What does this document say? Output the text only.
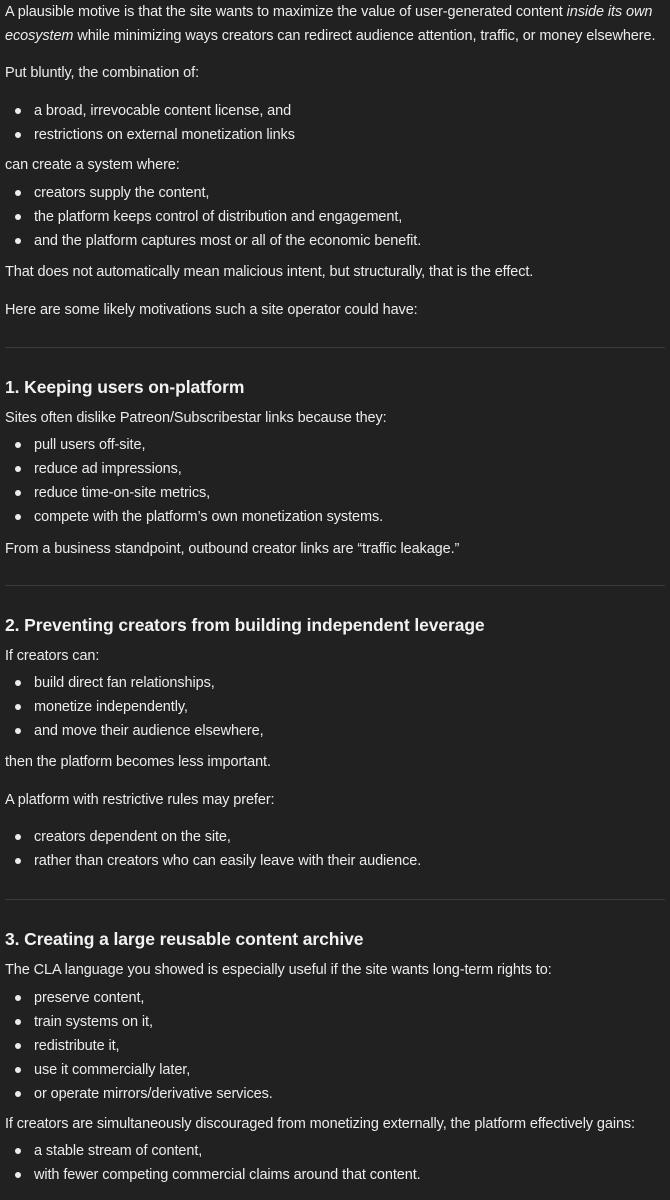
A plausible motive is that the site wants to maximize the value of user-generated content inside its own ecosystem while minimizing ways creators can redirect audience attention, traffic, or money elsewhere.

Put bluntly, the combination of:

a broad, irrevocable content license, and
restrictions on external monetization links

can create a system where:

creators supply the content,
the platform keeps control of distribution and engagement,
and the platform captures most or all of the economic benefit.

That does not automatically mean malicious intent, but structurally, that is the effect.

Here are some likely motivations such a site operator could have:

1. Keeping users on-platform

Sites often dislike Patreon/Subscribestar links because they:

pull users off-site,
reduce ad impressions,
reduce time-on-site metrics,
compete with the platform’s own monetization systems.

From a business standpoint, outbound creator links are “traffic leakage.”

2. Preventing creators from building independent leverage

If creators can:

build direct fan relationships,
monetize independently,
and move their audience elsewhere,

then the platform becomes less important.

A platform with restrictive rules may prefer:

creators dependent on the site,
rather than creators who can easily leave with their audience.
3. Creating a large reusable content archive

The CLA language you showed is especially useful if the site wants long-term rights to:

preserve content,
train systems on it,
redistribute it,
use it commercially later,
or operate mirrors/derivative services.

If creators are simultaneously discouraged from monetizing externally, the platform effectively gains:

a stable stream of content,
with fewer competing commercial claims around that content.
